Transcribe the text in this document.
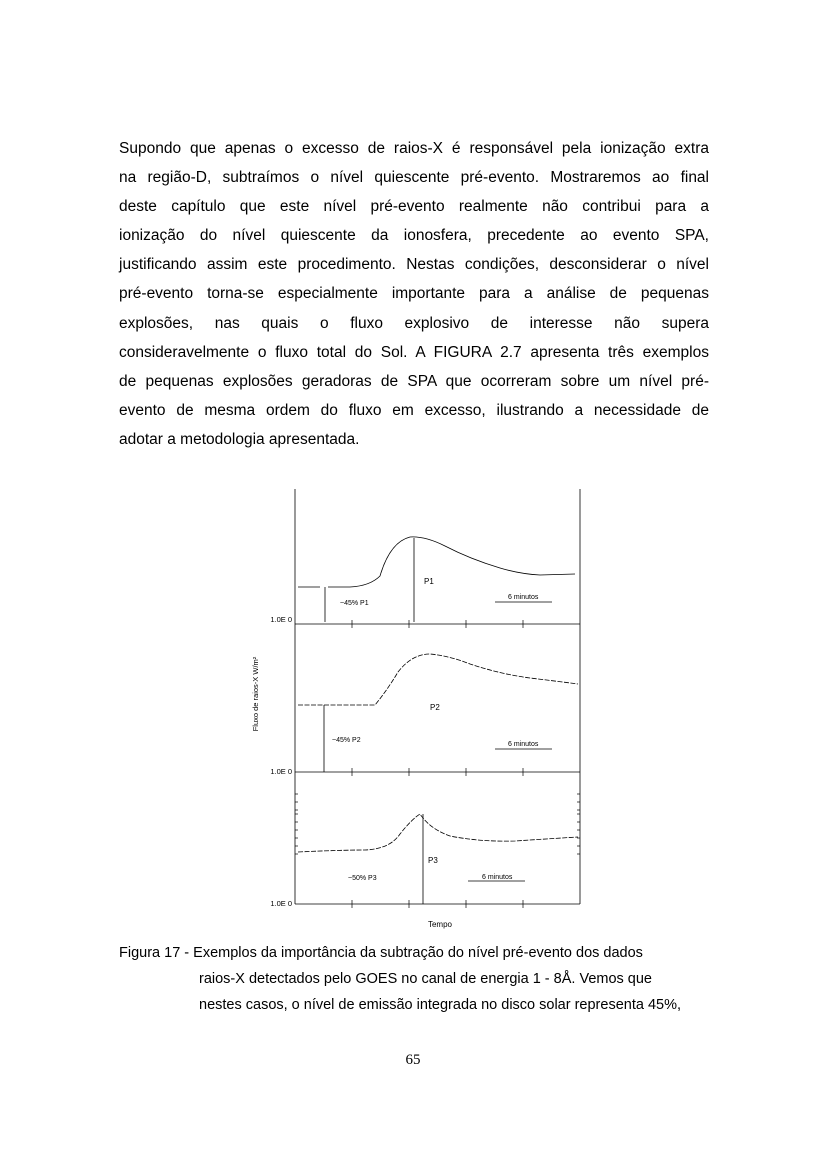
Supondo que apenas o excesso de raios-X é responsável pela ionização extra
na região-D, subtraímos o nível quiescente pré-evento. Mostraremos ao final
deste capítulo que este nível pré-evento realmente não contribui para a
ionização do nível quiescente da ionosfera, precedente ao evento SPA,
justificando assim este procedimento. Nestas condições, desconsiderar o nível
pré-evento torna-se especialmente importante para a análise de pequenas
explosões, nas quais o fluxo explosivo de interesse não supera
consideravelmente o fluxo total do Sol. A FIGURA 2.7 apresenta três exemplos
de pequenas explosões geradoras de SPA que ocorreram sobre um nível pré-
evento de mesma ordem do fluxo em excesso, ilustrando a necessidade de
adotar a metodologia apresentada.
P1
~45% P1
6 minutos
1.0E 0
P2
~45% P2
6 minutos
1.0E 0
Fluxo de raios-X W/m²
P3
~50% P3	6 minutos
1.0E 0
Tempo
Figura 17 - Exemplos da importância da subtração do nível pré-evento dos dados
raios-X detectados pelo GOES no canal de energia 1 - 8Å. Vemos que
nestes casos, o nível de emissão integrada no disco solar representa 45%,
65
